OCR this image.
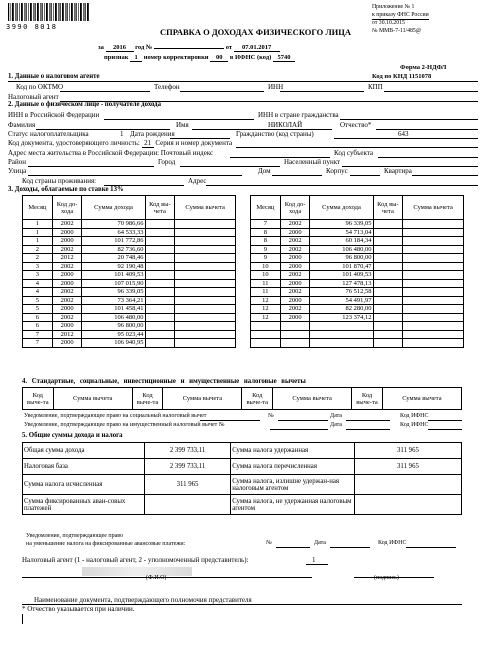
3990 8018	СПРАВКА О ДОХОДАХ ФИЗИЧЕСКОГО ЛИЦА
Приложение № 1
к приказу ФНС России
от 30.10.2015
№ ММВ-7-11/485@
за 2016 год №	от 07.01.2017
признак 1 номер корректировки 00 в ИФНС (код) 5740
Форма 2-НДФЛ
Код по КНД 1151078
1. Данные о налоговом агенте
Код по ОКТМО	Телефон	ИНН	КПП
Налоговый агент
2. Данные о физическом лице - получателе дохода
ИНН в Российской Федерации	ИНН в стране гражданства
Фамилия	Имя	НИКОЛАЙ	Отчество*
Статус налогоплательщика	1 Дата рождения	Гражданство (код страны)	643
Код документа, удостоверяющего личность: 21 Серия и номер документа
Адрес места жительства в Российской Федерации: Почтовый индекс	Код субъекта
Район	Город	Населенный пункт
Улица	Дом	Корпус	Квартира
Код страны проживания:	Адрес
3. Доходы, облагаемые по ставке 13%
Месяц	Код до-хода	Сумма дохода	Код вы-чета	Сумма вычета
1	2002	70 986,66		
1	2000	64 533,33		
1	2000	101 772,86		
2	2002	82 736,60		
2	2012	20 748,46		
3	2002	92 190,48		
3	2000	101 409,53		
4	2000	107 015,90		
4	2002	96 339,05		
5	2002	73 364,21		
5	2000	101 458,41		
6	2002	106 480,00		
6	2000	96 800,00		
7	2012	95 023,44		
7	2000	106 940,95		
Месяц	Код до-хода	Сумма дохода	Код вы-чета	Сумма вычета
7	2002	96 339,05		
8	2000	54 713,04		
8	2002	60 184,34		
9	2002	106 480,00		
9	2000	96 800,00		
10	2000	101 870,47		
10	2002	101 409,53		
11	2000	127 478,13		
11	2002	76 512,58		
12	2000	54 491,97		
12	2002	82 280,00		
12	2000	123 374,12		

4. Стандартные, социальные, инвестиционные и имущественные налоговые вычеты
Код выче-та	Сумма вычета	Код выче-та	Сумма вычета	Код выче-та	Сумма вычета	Код выче-та	Сумма вычета
Уведомление, подтверждающее право на социальный налоговый вычет	№	Дата	Код ИФНС
Уведомление, подтверждающее право на имущественный налоговый вычет №	Дата	Код ИФНС
5. Общие суммы дохода и налога
Общая сумма дохода	2 399 733,11	Сумма налога удержанная	311 965
Налоговая база	2 399 733,11	Сумма налога перечисленная	311 965
Сумма налога исчисленная	311 965	Сумма налога, излишне удержан-ная налоговым агентом	
Сумма фиксированных аван-совых платежей		Сумма налога, не удержанная налоговым агентом	
Уведомление, подтверждающее право
на уменьшение налога на фиксированные авансовые платежи:	№	Дата	Код ИФНС
Налоговый агент (1 - налоговый агент, 2 - уполномоченный представитель):	1
(Ф.И.О)	(подпись)
Наименование документа, подтверждающего полномочия представителя
* Отчество указывается при наличии.
